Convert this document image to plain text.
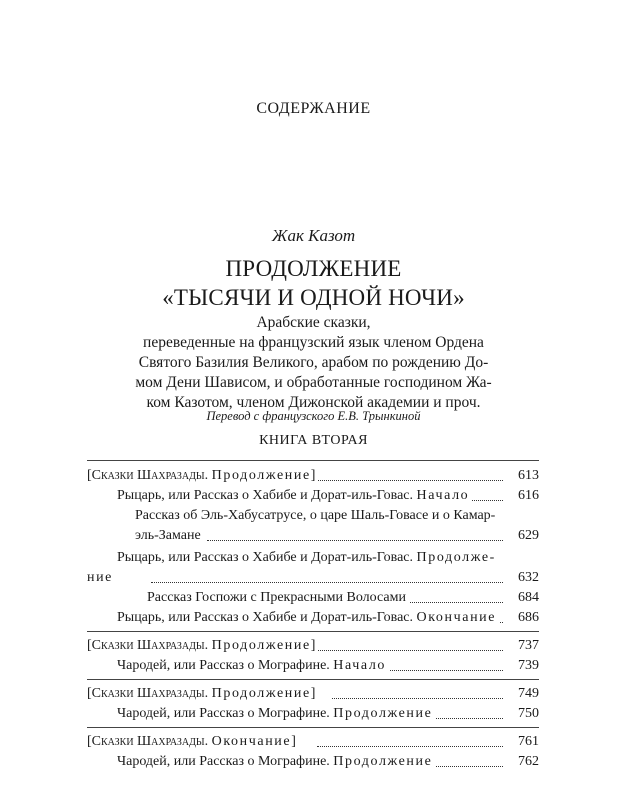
СОДЕРЖАНИЕ
Жак Казот
ПРОДОЛЖЕНИЕ
«ТЫСЯЧИ И ОДНОЙ НОЧИ»
Арабские сказки,
переведенные на французский язык членом Ордена
Святого Базилия Великого, арабом по рождению До-
мом Дени Шависом, и обработанные господином Жа-
ком Казотом, членом Дижонской академии и проч.
Перевод с французского Е.В. Трынкиной
КНИГА ВТОРАЯ
[Сказки Шахразады. Продолжение]	613
Рыцарь, или Рассказ о Хабибе и Дорат-иль-Говас. Начало	616
Рассказ об Эль-Хабусатрусе, о царе Шаль-Говасе и о Камар-
эль-Замане	629
Рыцарь, или Рассказ о Хабибе и Дорат-иль-Говас. Продолже-
ние	632
Рассказ Госпожи с Прекрасными Волосами	684
Рыцарь, или Рассказ о Хабибе и Дорат-иль-Говас. Окончание	686
[Сказки Шахразады. Продолжение]	737
Чародей, или Рассказ о Мографине. Начало	739
[Сказки Шахразады. Продолжение]	749
Чародей, или Рассказ о Мографине. Продолжение	750
[Сказки Шахразады. Окончание]	761
Чародей, или Рассказ о Мографине. Продолжение	762
